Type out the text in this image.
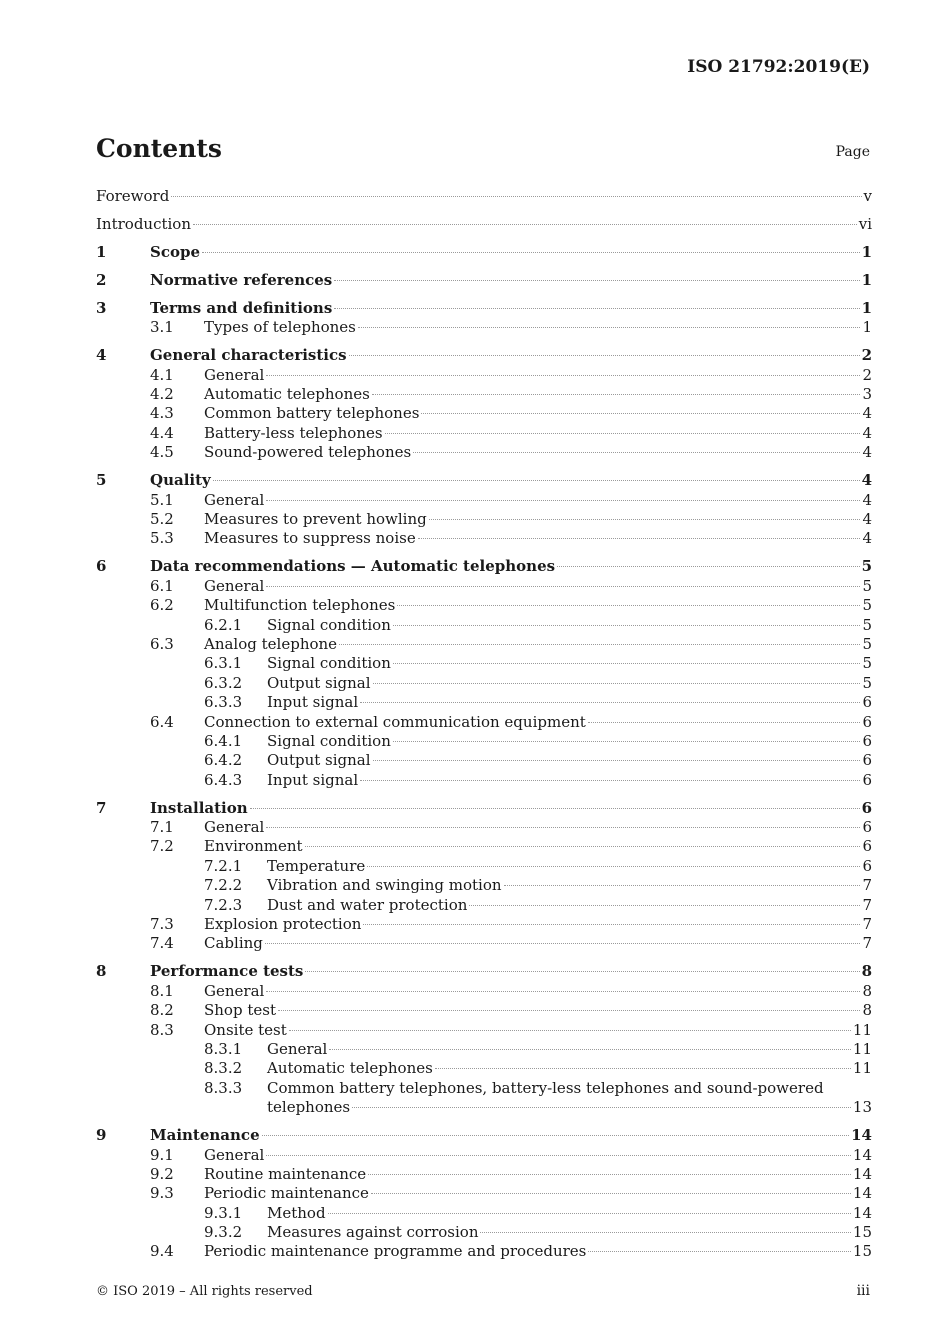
ISO 21792:2019(E)
Contents	Page
Foreword	v
Introduction	vi
1	Scope	1
2	Normative references	1
3	Terms and definitions	1
3.1 Types of telephones	1
4	General characteristics	2
4.1 General	2
4.2 Automatic telephones	3
4.3 Common battery telephones	4
4.4 Battery-less telephones	4
4.5 Sound-powered telephones	4
5	Quality	4
5.1 General	4
5.2 Measures to prevent howling	4
5.3 Measures to suppress noise	4
6	Data recommendations — Automatic telephones	5
6.1 General	5
6.2 Multifunction telephones	5
6.2.1 Signal condition	5
6.3 Analog telephone	5
6.3.1 Signal condition	5
6.3.2 Output signal	5
6.3.3 Input signal	6
6.4 Connection to external communication equipment	6
6.4.1 Signal condition	6
6.4.2 Output signal	6
6.4.3 Input signal	6
7	Installation	6
7.1 General	6
7.2 Environment	6
7.2.1 Temperature	6
7.2.2 Vibration and swinging motion	7
7.2.3 Dust and water protection	7
7.3 Explosion protection	7
7.4 Cabling	7
8	Performance tests	8
8.1 General	8
8.2 Shop test	8
8.3 Onsite test	11
8.3.1 General	11
8.3.2 Automatic telephones	11
8.3.3 Common battery telephones, battery-less telephones and sound-powered
telephones	13
9	Maintenance	14
9.1 General	14
9.2 Routine maintenance	14
9.3 Periodic maintenance	14
9.3.1 Method	14
9.3.2 Measures against corrosion	15
9.4 Periodic maintenance programme and procedures	15
© ISO 2019 – All rights reserved	iii
